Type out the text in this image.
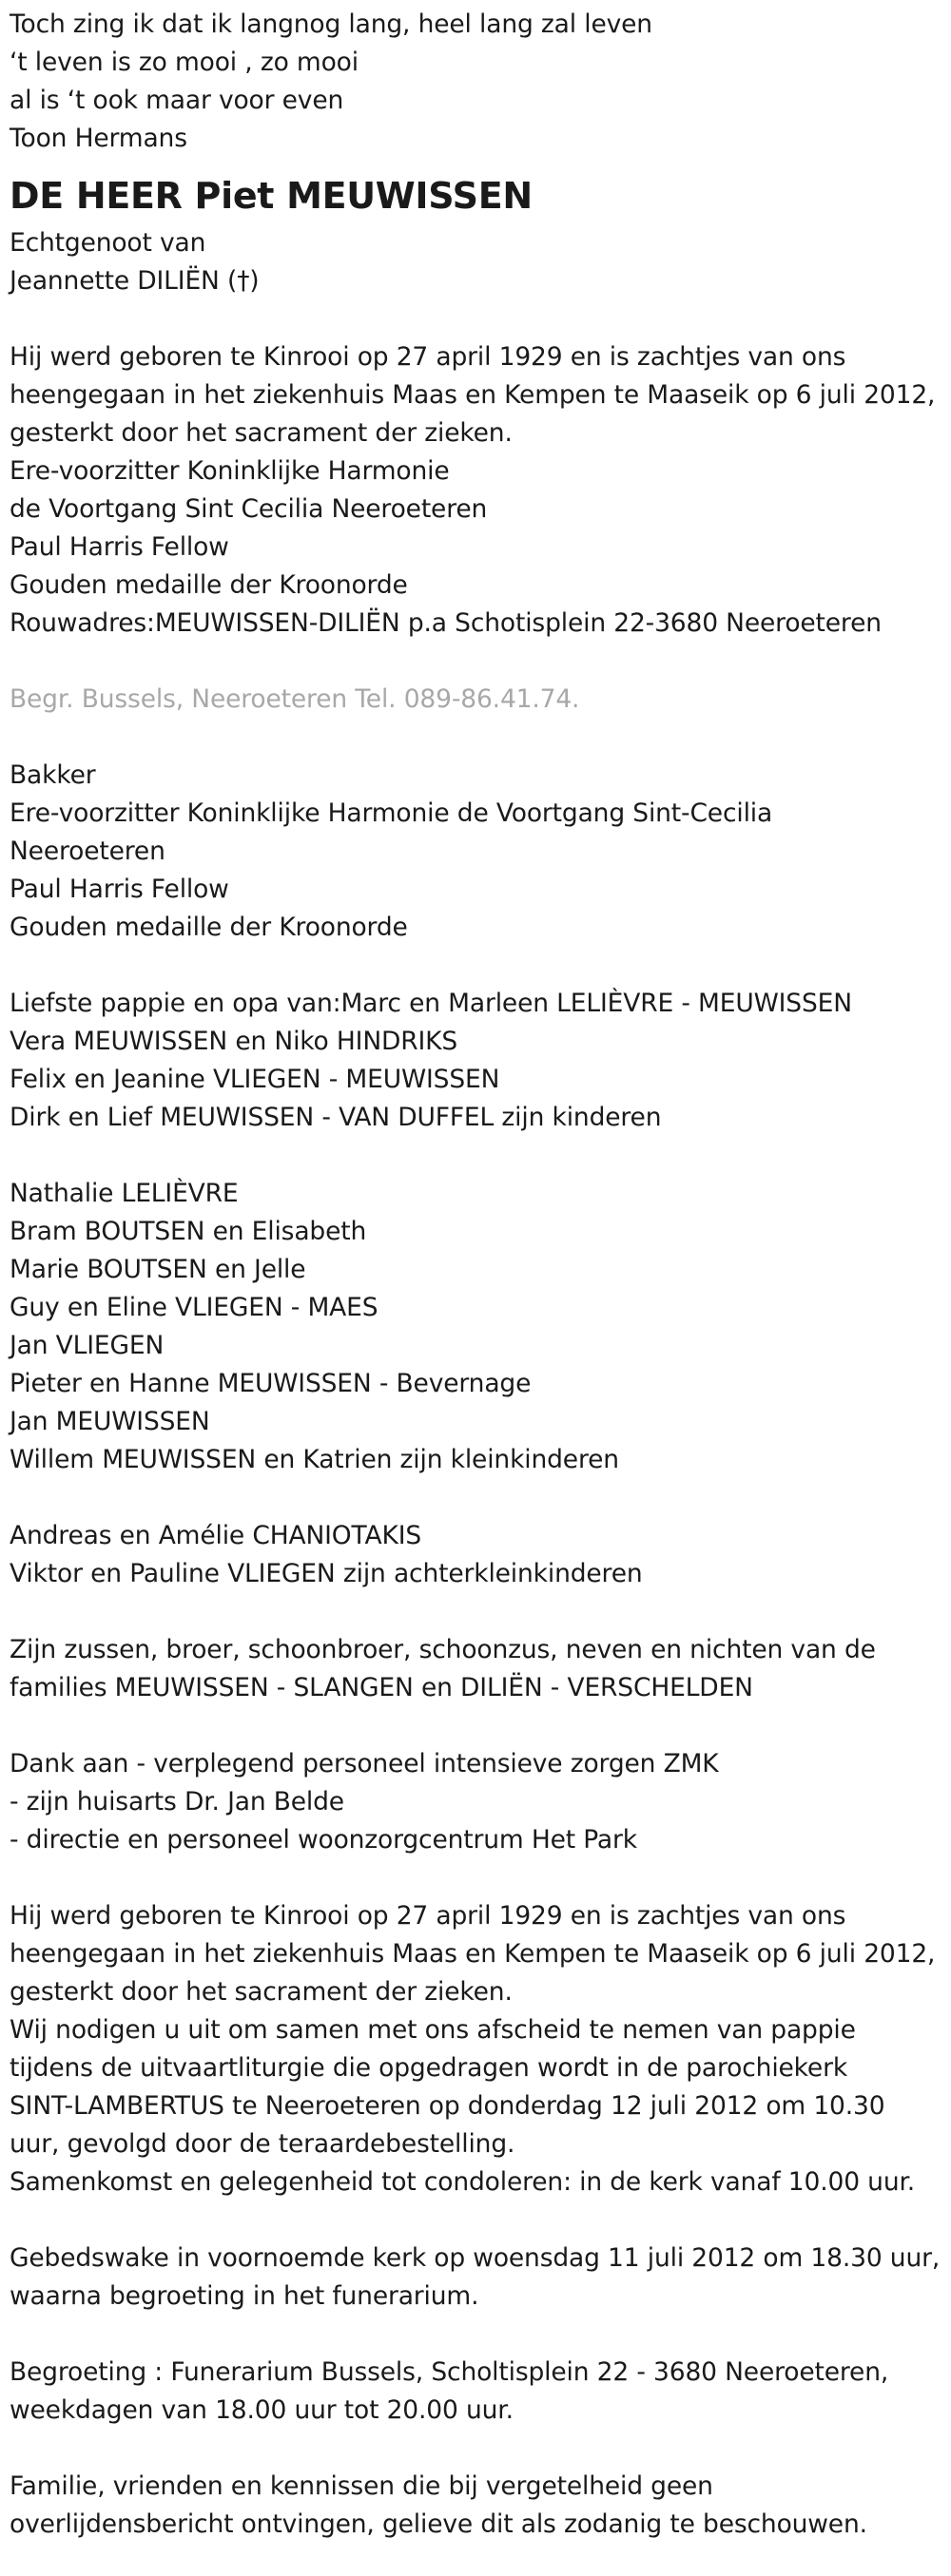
Toch zing ik dat ik langnog lang, heel lang zal leven
‘t leven is zo mooi , zo mooi
al is ‘t ook maar voor even
Toon Hermans
DE HEER Piet MEUWISSEN
Echtgenoot van
Jeannette DILIËN (†)
Hij werd geboren te Kinrooi op 27 april 1929 en is zachtjes van ons
heengegaan in het ziekenhuis Maas en Kempen te Maaseik op 6 juli 2012,
gesterkt door het sacrament der zieken.
Ere-voorzitter Koninklijke Harmonie
de Voortgang Sint Cecilia Neeroeteren
Paul Harris Fellow
Gouden medaille der Kroonorde
Rouwadres:MEUWISSEN-DILIËN p.a Schotisplein 22-3680 Neeroeteren
Begr. Bussels, Neeroeteren Tel. 089-86.41.74.
Bakker
Ere-voorzitter Koninklijke Harmonie de Voortgang Sint-Cecilia
Neeroeteren
Paul Harris Fellow
Gouden medaille der Kroonorde
Liefste pappie en opa van:Marc en Marleen LELIÈVRE - MEUWISSEN
Vera MEUWISSEN en Niko HINDRIKS
Felix en Jeanine VLIEGEN - MEUWISSEN
Dirk en Lief MEUWISSEN - VAN DUFFEL zijn kinderen
Nathalie LELIÈVRE
Bram BOUTSEN en Elisabeth
Marie BOUTSEN en Jelle
Guy en Eline VLIEGEN - MAES
Jan VLIEGEN
Pieter en Hanne MEUWISSEN - Bevernage
Jan MEUWISSEN
Willem MEUWISSEN en Katrien zijn kleinkinderen
Andreas en Amélie CHANIOTAKIS
Viktor en Pauline VLIEGEN zijn achterkleinkinderen
Zijn zussen, broer, schoonbroer, schoonzus, neven en nichten van de
families MEUWISSEN - SLANGEN en DILIËN - VERSCHELDEN
Dank aan - verplegend personeel intensieve zorgen ZMK
- zijn huisarts Dr. Jan Belde
- directie en personeel woonzorgcentrum Het Park
Hij werd geboren te Kinrooi op 27 april 1929 en is zachtjes van ons
heengegaan in het ziekenhuis Maas en Kempen te Maaseik op 6 juli 2012,
gesterkt door het sacrament der zieken.
Wij nodigen u uit om samen met ons afscheid te nemen van pappie
tijdens de uitvaartliturgie die opgedragen wordt in de parochiekerk
SINT-LAMBERTUS te Neeroeteren op donderdag 12 juli 2012 om 10.30
uur, gevolgd door de teraardebestelling.
Samenkomst en gelegenheid tot condoleren: in de kerk vanaf 10.00 uur.
Gebedswake in voornoemde kerk op woensdag 11 juli 2012 om 18.30 uur,
waarna begroeting in het funerarium.
Begroeting : Funerarium Bussels, Scholtisplein 22 - 3680 Neeroeteren,
weekdagen van 18.00 uur tot 20.00 uur.
Familie, vrienden en kennissen die bij vergetelheid geen
overlijdensbericht ontvingen, gelieve dit als zodanig te beschouwen.
